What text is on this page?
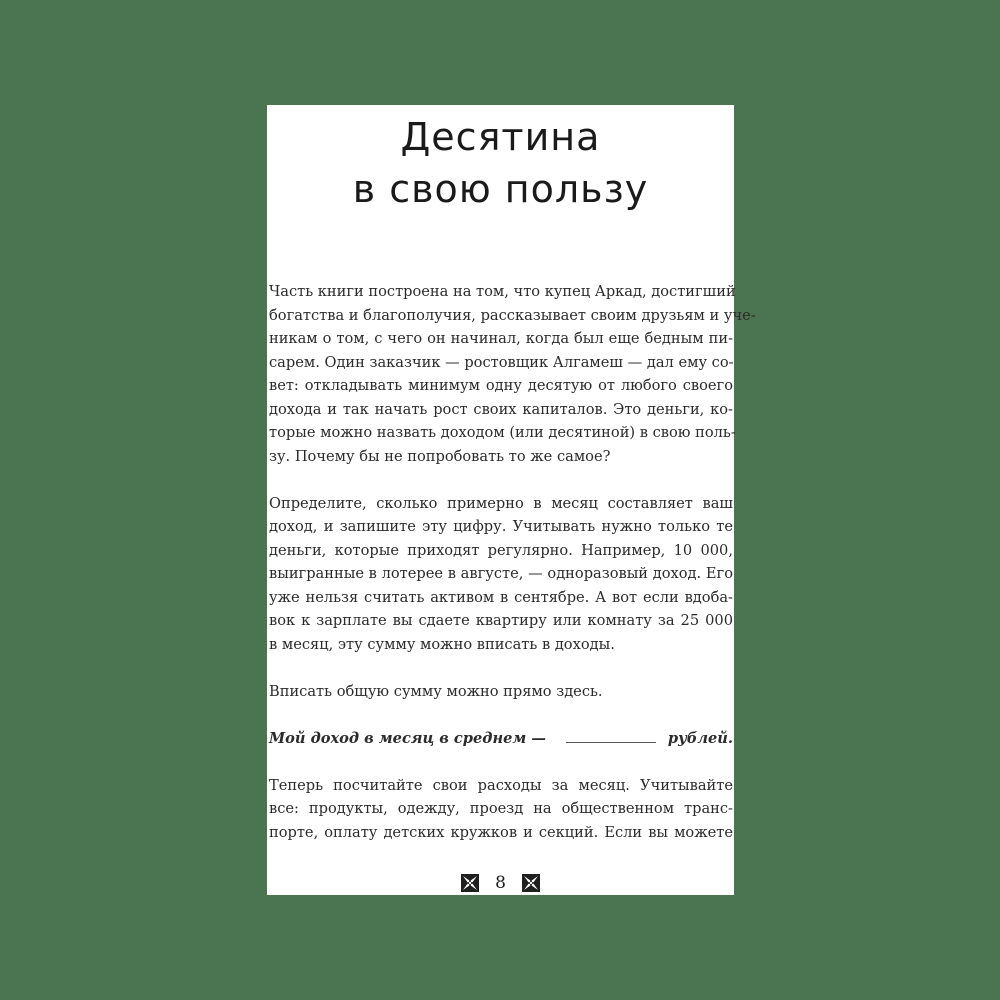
Десятина
в свою пользу
Часть книги построена на том, что купец Аркад, достигший
богатства и благополучия, рассказывает своим друзьям и уче-
никам о том, с чего он начинал, когда был еще бедным пи-
сарем. Один заказчик — ростовщик Алгамеш — дал ему со-
вет: откладывать минимум одну десятую от любого своего
дохода и так начать рост своих капиталов. Это деньги, ко-
торые можно назвать доходом (или десятиной) в свою поль-
зу. Почему бы не попробовать то же самое?
Определите, сколько примерно в месяц составляет ваш
доход, и запишите эту цифру. Учитывать нужно только те
деньги, которые приходят регулярно. Например, 10 000,
выигранные в лотерее в августе, — одноразовый доход. Его
уже нельзя считать активом в сентябре. А вот если вдоба-
вок к зарплате вы сдаете квартиру или комнату за 25 000
в месяц, эту сумму можно вписать в доходы.
Вписать общую сумму можно прямо здесь.
Мой доход в месяц в среднем —	рублей.
Теперь посчитайте свои расходы за месяц. Учитывайте
все: продукты, одежду, проезд на общественном транс-
порте, оплату детских кружков и секций. Если вы можете
8
